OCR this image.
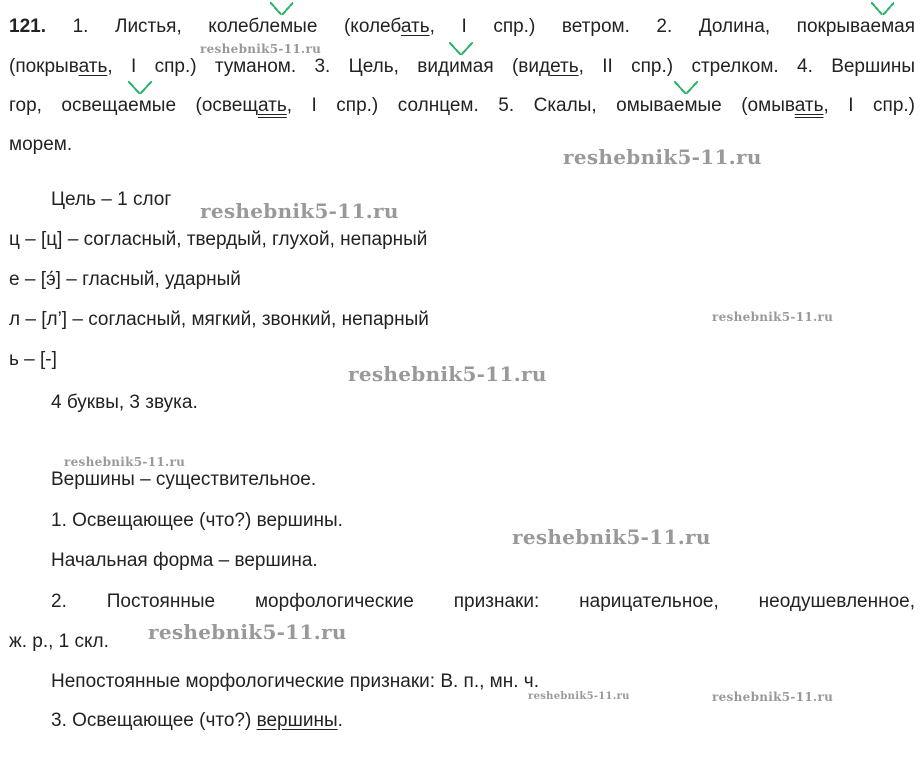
121. 1. Листья, колеблемые (колебать, I спр.) ветром. 2. Долина, покрываемая
(покрывать, I спр.) туманом. 3. Цель, видимая (видеть, II спр.) стрелком. 4. Вершины
гор, освещаемые (освещать, I спр.) солнцем. 5. Скалы, омываемые (омывать, I спр.)
морем.
Цель – 1 слог
ц – [ц] – согласный, твердый, глухой, непарный
е – [э́] – гласный, ударный
л – [л’] – согласный, мягкий, звонкий, непарный
ь – [-]
4 буквы, 3 звука.
Вершины – существительное.
1. Освещающее (что?) вершины.
Начальная форма – вершина.
2. Постоянные морфологические признаки: нарицательное, неодушевленное,
ж. р., 1 скл.
Непостоянные морфологические признаки: В. п., мн. ч.
3. Освещающее (что?) вершины.
reshebnik5-11.ru
reshebnik5-11.ru
reshebnik5-11.ru
reshebnik5-11.ru
reshebnik5-11.ru
reshebnik5-11.ru
reshebnik5-11.ru
reshebnik5-11.ru
reshebnik5-11.ru	reshebnik5-11.ru
